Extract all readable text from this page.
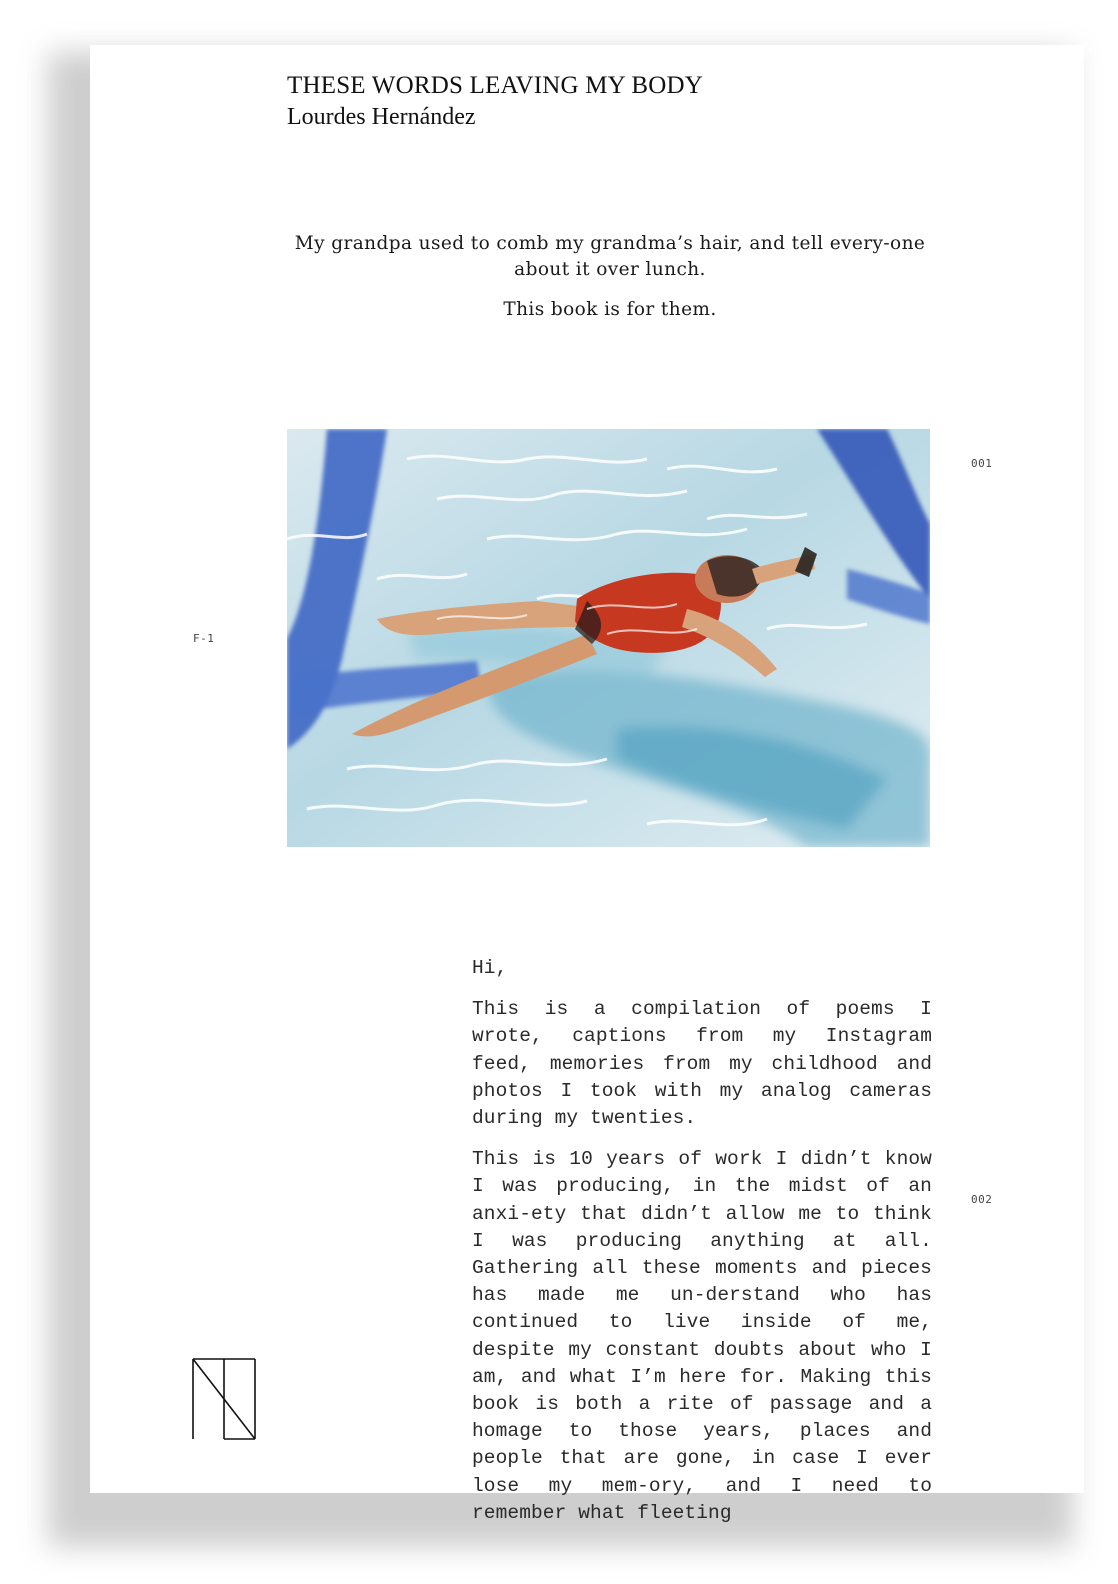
THESE WORDS LEAVING MY BODY
Lourdes Hernández

My grandpa used to comb my grandma’s hair, and tell every-one about it over lunch.

This book is for them.

001
F-1
002

Hi,

This is a compilation of poems I wrote, captions from my Instagram feed, memories from my childhood and photos I took with my analog cameras during my twenties.

This is 10 years of work I didn’t know I was producing, in the midst of an anxi-ety that didn’t allow me to think I was producing anything at all. Gathering all these moments and pieces has made me un-derstand who has continued to live inside of me, despite my constant doubts about who I am, and what I’m here for. Making this book is both a rite of passage and a homage to those years, places and people that are gone, in case I ever lose my mem-ory, and I need to remember what fleeting
